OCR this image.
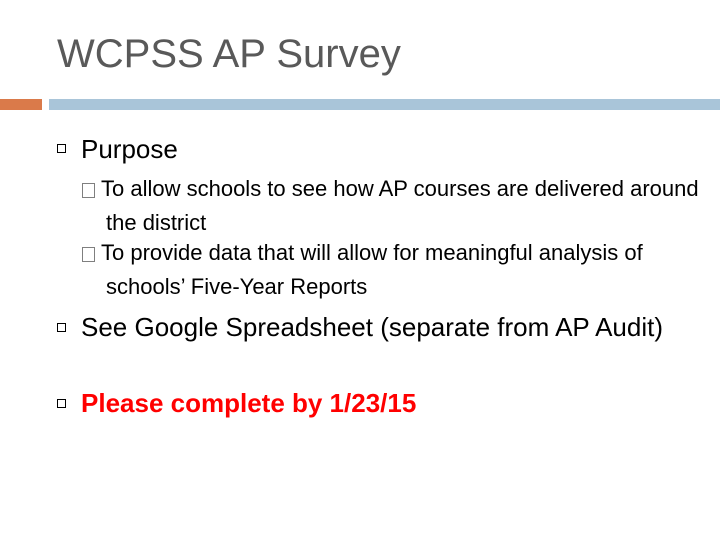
WCPSS AP Survey
Purpose
To allow schools to see how AP courses are delivered around the district
To provide data that will allow for meaningful analysis of schools’ Five-Year Reports
See Google Spreadsheet (separate from AP Audit)
Please complete by 1/23/15
